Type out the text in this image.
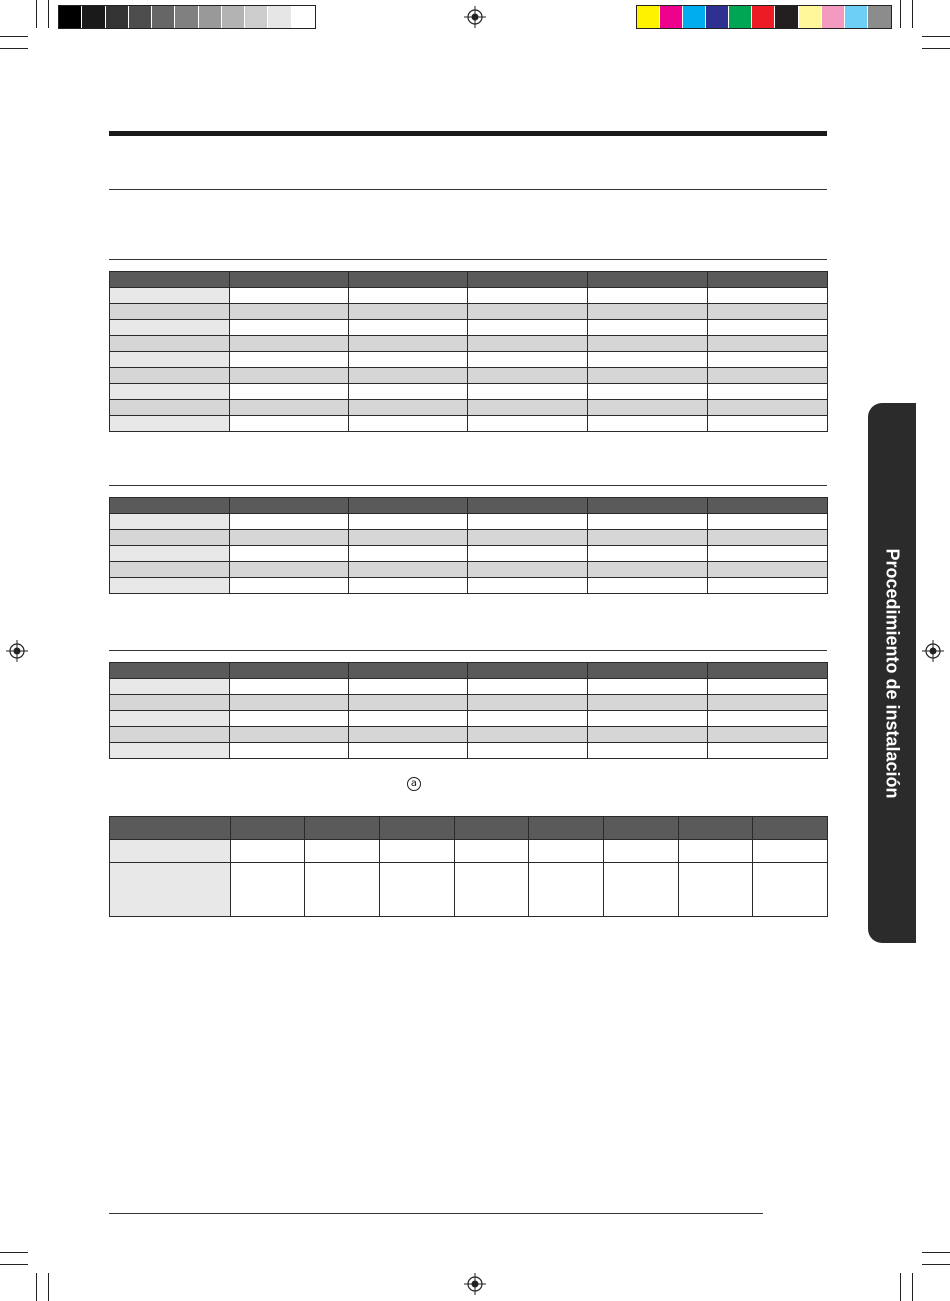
a

									Procedimiento de instalación
